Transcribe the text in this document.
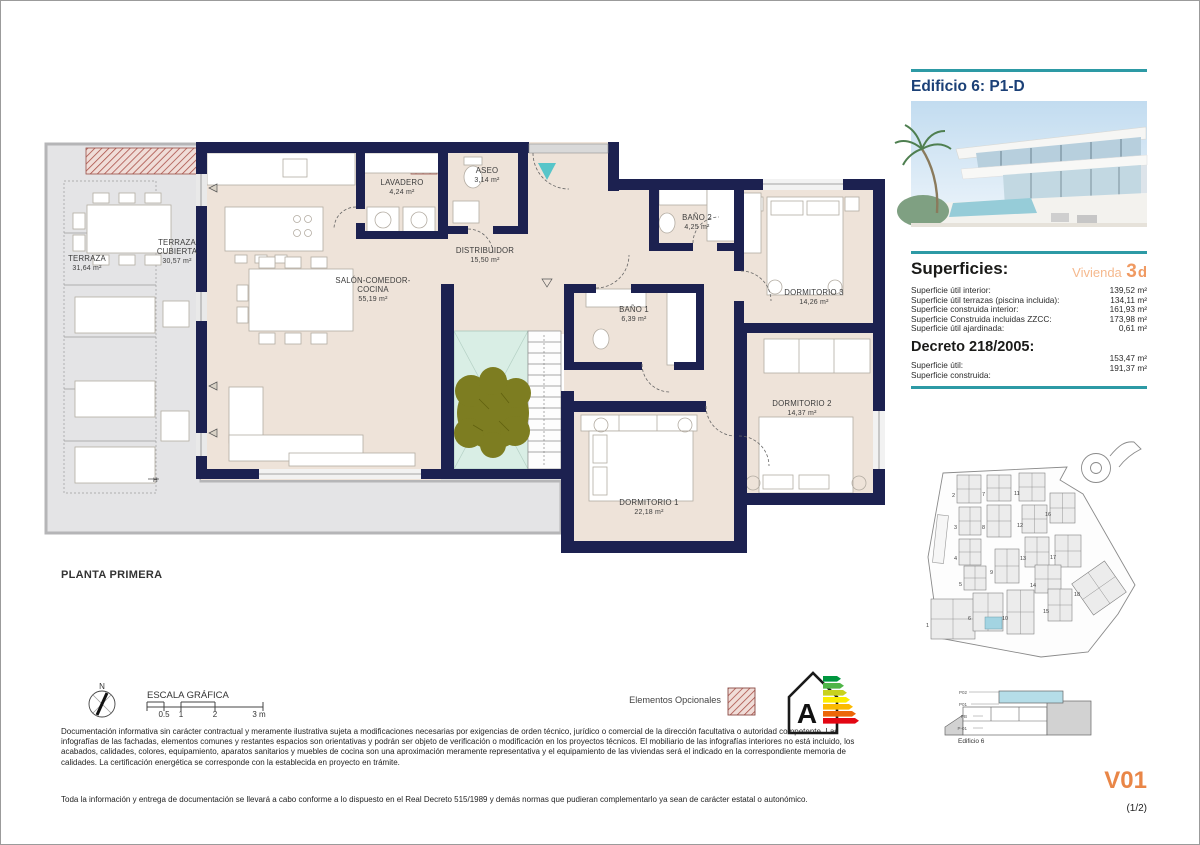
H
TERRAZA 31,64 m²
TERRAZA CUBIERTA 30,57 m²
LAVADERO 4,24 m²
ASEO 3,14 m²
DISTRIBUIDOR 15,50 m²
SALÓN-COMEDOR-COCINA 55,19 m²
BAÑO 2 4,25 m²
BAÑO 1 6,39 m²
DORMITORIO 3 14,26 m²
DORMITORIO 2 14,37 m²
DORMITORIO 1 22,18 m²
N
ESCALA GRÁFICA
0.5 1	2	3 m	A
1
2	7	11
3	8	12
16
4
9
13	17
5	14
6	10
15
18
P02
P01
PB
P-01
Edificio 6
PLANTA PRIMERA
Elementos Opcionales
Documentación informativa sin carácter contractual y meramente ilustrativa sujeta a modificaciones necesarias por exigencias de orden técnico, jurídico o comercial de la dirección facultativa o autoridad competente. Las infografías de las fachadas, elementos comunes y restantes espacios son orientativas y podrán ser objeto de verificación o modificación en los proyectos técnicos. El mobiliario de las infografías interiores no está incluido, los acabados, calidades, colores, equipamiento, aparatos sanitarios y muebles de cocina son una aproximación meramente representativa y el equipamiento de las viviendas será el indicado en la correspondiente memoria de calidades. La certificación energética se corresponde con la establecida en proyecto en trámite.
Toda la información y entrega de documentación se llevará a cabo conforme a lo dispuesto en el Real Decreto 515/1989 y demás normas que pudieran complementarlo ya sean de carácter estatal o autonómico.
Edificio 6: P1-D
Superficies:	Vivienda 3d
Superficie útil interior:	139,52 m²
Superficie útil terrazas (piscina incluida):	134,11 m²
Superficie construida interior:	161,93 m²
Superficie Construida incluidas ZZCC:	173,98 m²
Superficie útil ajardinada:	0,61 m²
Decreto 218/2005:
Superficie útil:
153,47 m²
Superficie construida:
191,37 m²
V01
(1/2)
